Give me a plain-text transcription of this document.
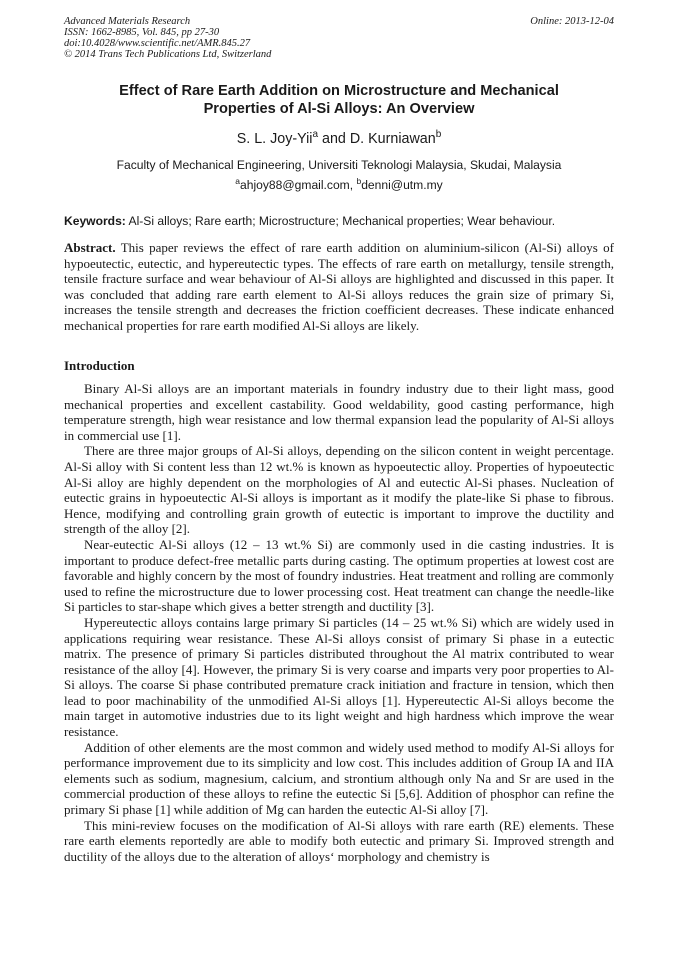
Advanced Materials Research
ISSN: 1662-8985, Vol. 845, pp 27-30
doi:10.4028/www.scientific.net/AMR.845.27
© 2014 Trans Tech Publications Ltd, Switzerland
Online: 2013-12-04
Effect of Rare Earth Addition on Microstructure and Mechanical
Properties of Al-Si Alloys: An Overview
S. L. Joy-Yii$^a$ and D. Kurniawan$^b$
Faculty of Mechanical Engineering, Universiti Teknologi Malaysia, Skudai, Malaysia
$^a$ahjoy88@gmail.com, $^b$denni@utm.my
Keywords: Al-Si alloys; Rare earth; Microstructure; Mechanical properties; Wear behaviour.
Abstract. This paper reviews the effect of rare earth addition on aluminium-silicon (Al-Si) alloys of hypoeutectic, eutectic, and hypereutectic types. The effects of rare earth on metallurgy, tensile strength, tensile fracture surface and wear behaviour of Al-Si alloys are highlighted and discussed in this paper. It was concluded that adding rare earth element to Al-Si alloys reduces the grain size of primary Si, increases the tensile strength and decreases the friction coefficient decreases. These indicate enhanced mechanical properties for rare earth modified Al-Si alloys are likely.
Introduction

Binary Al-Si alloys are an important materials in foundry industry due to their light mass, good mechanical properties and excellent castability. Good weldability, good casting performance, high temperature strength, high wear resistance and low thermal expansion lead the popularity of Al-Si alloys in commercial use [1].

There are three major groups of Al-Si alloys, depending on the silicon content in weight percentage. Al-Si alloy with Si content less than 12 wt.% is known as hypoeutectic alloy. Properties of hypoeutectic Al-Si alloy are highly dependent on the morphologies of Al and eutectic Al-Si phases. Nucleation of eutectic grains in hypoeutectic Al-Si alloys is important as it modify the plate-like Si phase to fibrous. Hence, modifying and controlling grain growth of eutectic is important to improve the ductility and strength of the alloy [2].

Near-eutectic Al-Si alloys (12 – 13 wt.% Si) are commonly used in die casting industries. It is important to produce defect-free metallic parts during casting. The optimum properties at lowest cost are favorable and highly concern by the most of foundry industries. Heat treatment and rolling are commonly used to refine the microstructure due to lower processing cost. Heat treatment can change the needle-like Si particles to star-shape which gives a better strength and ductility [3].

Hypereutectic alloys contains large primary Si particles (14 – 25 wt.% Si) which are widely used in applications requiring wear resistance. These Al-Si alloys consist of primary Si phase in a eutectic matrix. The presence of primary Si particles distributed throughout the Al matrix contributed to wear resistance of the alloy [4]. However, the primary Si is very coarse and imparts very poor properties to Al-Si alloys. The coarse Si phase contributed premature crack initiation and fracture in tension, which then lead to poor machinability of the unmodified Al-Si alloys [1]. Hypereutectic Al-Si alloys become the main target in automotive industries due to its light weight and high hardness which improve the wear resistance.

Addition of other elements are the most common and widely used method to modify Al-Si alloys for performance improvement due to its simplicity and low cost. This includes addition of Group IA and IIA elements such as sodium, magnesium, calcium, and strontium although only Na and Sr are used in the commercial production of these alloys to refine the eutectic Si [5,6]. Addition of phosphor can refine the primary Si phase [1] while addition of Mg can harden the eutectic Al-Si alloy [7].

This mini-review focuses on the modification of Al-Si alloys with rare earth (RE) elements. These rare earth elements reportedly are able to modify both eutectic and primary Si. Improved strength and ductility of the alloys due to the alteration of alloys‘ morphology and chemistry is
